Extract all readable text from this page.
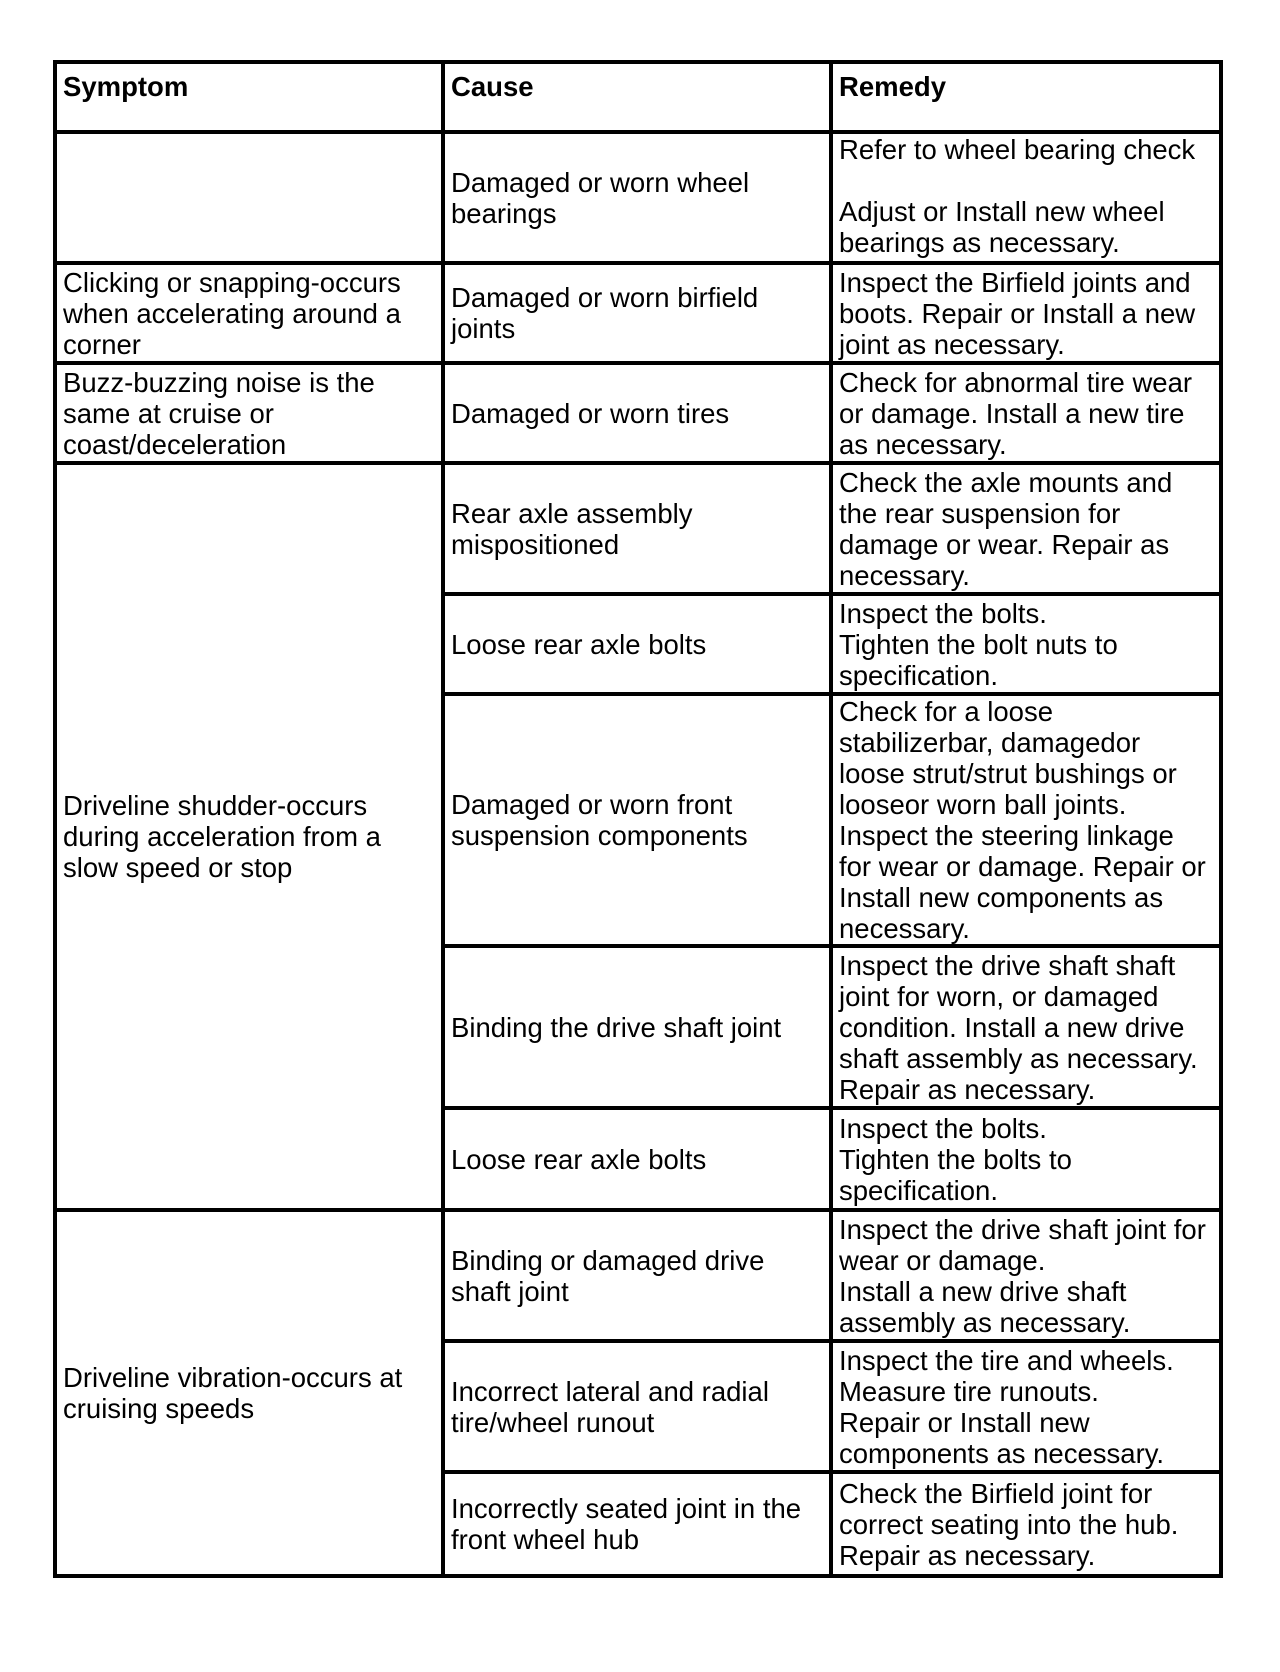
Symptom	Cause	Remedy
	Damaged or worn wheel bearings	Refer to wheel bearing check
Adjust or Install new wheel bearings as necessary.

Clicking or snapping-occurs when accelerating around a corner	Damaged or worn birfield joints	Inspect the Birfield joints and boots. Repair or Install a new joint as necessary.

Buzz-buzzing noise is the same at cruise or coast/deceleration	Damaged or worn tires	Check for abnormal tire wear or damage. Install a new tire as necessary.

Driveline shudder-occurs during acceleration from a slow speed or stop	Rear axle assembly mispositioned	Check the axle mounts and the rear suspension for damage or wear. Repair as necessary.

	Loose rear axle bolts	Inspect the bolts.
Tighten the bolt nuts to specification.

	Damaged or worn front suspension components	Check for a loose stabilizerbar, damagedor loose strut/strut bushings or looseor worn ball joints. Inspect the steering linkage for wear or damage. Repair or Install new components as necessary.

	Binding the drive shaft joint	Inspect the drive shaft shaft joint for worn, or damaged condition. Install a new drive shaft assembly as necessary. Repair as necessary.

	Loose rear axle bolts	Inspect the bolts.
Tighten the bolts to specification.

Driveline vibration-occurs at cruising speeds	Binding or damaged drive shaft joint	Inspect the drive shaft joint for wear or damage.
Install a new drive shaft assembly as necessary.

	Incorrect lateral and radial tire/wheel runout	Inspect the tire and wheels.
Measure tire runouts.
Repair or Install new components as necessary.

	Incorrectly seated joint in the front wheel hub	Check the Birfield joint for correct seating into the hub. Repair as necessary.
